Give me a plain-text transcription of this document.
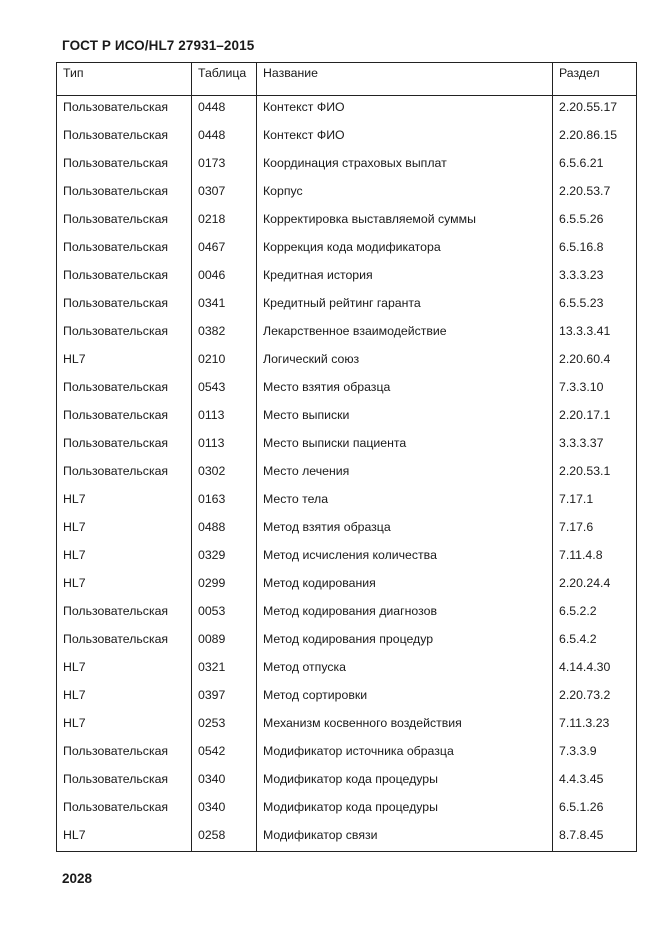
ГОСТ Р ИСО/HL7 27931–2015
Тип	Таблица	Название	Раздел
Пользовательская	0448	Контекст ФИО	2.20.55.17
Пользовательская	0448	Контекст ФИО	2.20.86.15
Пользовательская	0173	Координация страховых выплат	6.5.6.21
Пользовательская	0307	Корпус	2.20.53.7
Пользовательская	0218	Корректировка выставляемой суммы	6.5.5.26
Пользовательская	0467	Коррекция кода модификатора	6.5.16.8
Пользовательская	0046	Кредитная история	3.3.3.23
Пользовательская	0341	Кредитный рейтинг гаранта	6.5.5.23
Пользовательская	0382	Лекарственное взаимодействие	13.3.3.41
HL7	0210	Логический союз	2.20.60.4
Пользовательская	0543	Место взятия образца	7.3.3.10
Пользовательская	0113	Место выписки	2.20.17.1
Пользовательская	0113	Место выписки пациента	3.3.3.37
Пользовательская	0302	Место лечения	2.20.53.1
HL7	0163	Место тела	7.17.1
HL7	0488	Метод взятия образца	7.17.6
HL7	0329	Метод исчисления количества	7.11.4.8
HL7	0299	Метод кодирования	2.20.24.4
Пользовательская	0053	Метод кодирования диагнозов	6.5.2.2
Пользовательская	0089	Метод кодирования процедур	6.5.4.2
HL7	0321	Метод отпуска	4.14.4.30
HL7	0397	Метод сортировки	2.20.73.2
HL7	0253	Механизм косвенного воздействия	7.11.3.23
Пользовательская	0542	Модификатор источника образца	7.3.3.9
Пользовательская	0340	Модификатор кода процедуры	4.4.3.45
Пользовательская	0340	Модификатор кода процедуры	6.5.1.26
HL7	0258	Модификатор связи	8.7.8.45
2028
